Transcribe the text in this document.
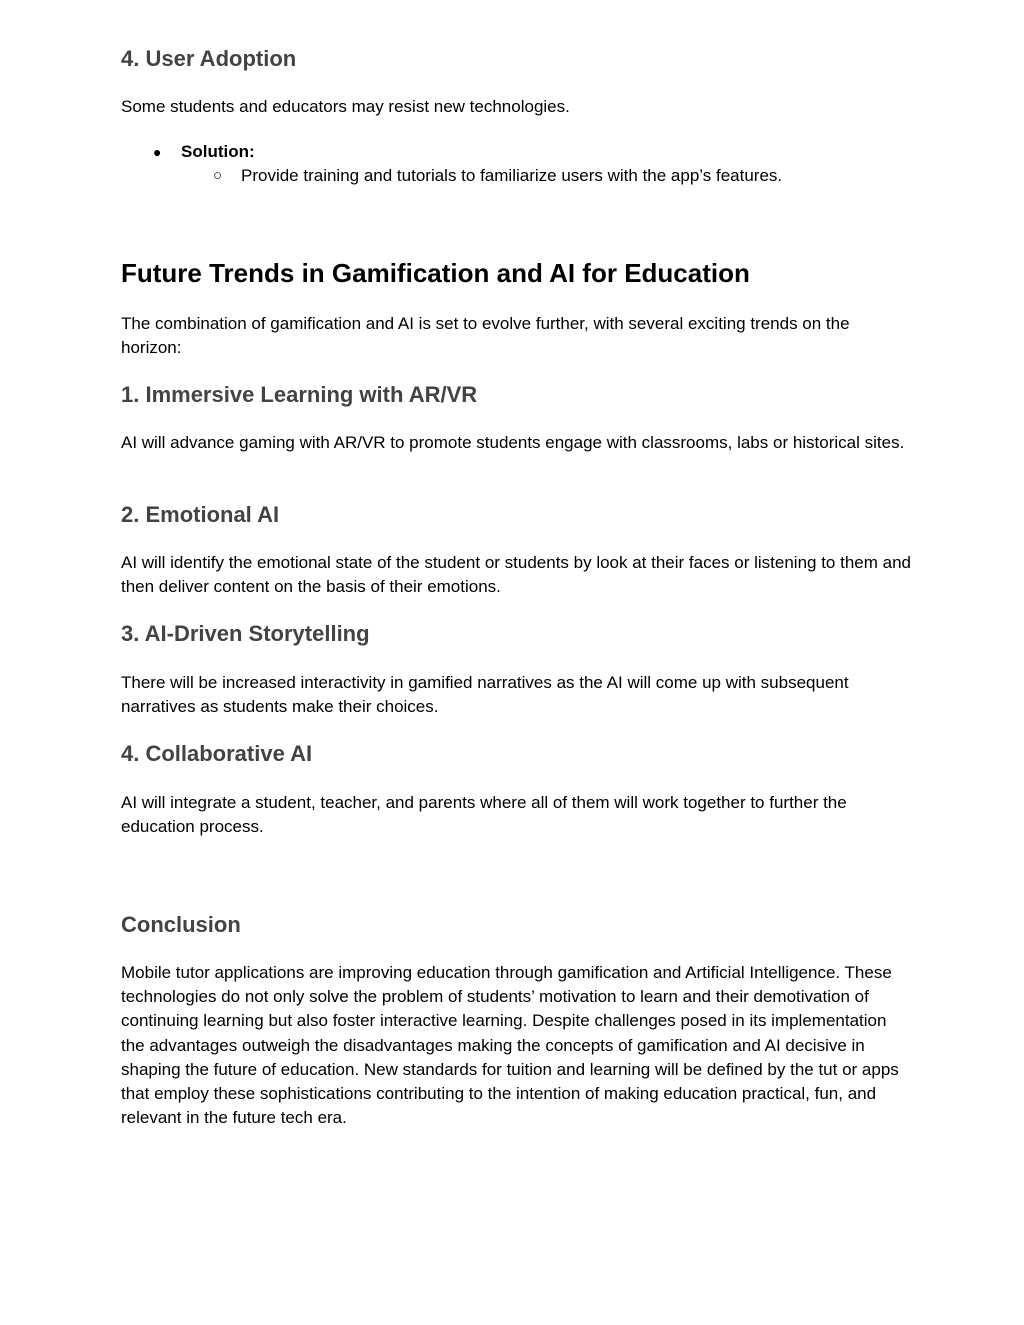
4. User Adoption

Some students and educators may resist new technologies.

● Solution:
○ Provide training and tutorials to familiarize users with the app’s features.
Future Trends in Gamification and AI for Education

The combination of gamification and AI is set to evolve further, with several exciting trends on the horizon:

1. Immersive Learning with AR/VR

AI will advance gaming with AR/VR to promote students engage with classrooms, labs or historical sites.

2. Emotional AI

AI will identify the emotional state of the student or students by look at their faces or listening to them and then deliver content on the basis of their emotions.

3. AI-Driven Storytelling

There will be increased interactivity in gamified narratives as the AI will come up with subsequent narratives as students make their choices.

4. Collaborative AI

AI will integrate a student, teacher, and parents where all of them will work together to further the education process.

Conclusion

Mobile tutor applications are improving education through gamification and Artificial Intelligence. These technologies do not only solve the problem of students’ motivation to learn and their demotivation of continuing learning but also foster interactive learning. Despite challenges posed in its implementation the advantages outweigh the disadvantages making the concepts of gamification and AI decisive in shaping the future of education. New standards for tuition and learning will be defined by the tut or apps that employ these sophistications contributing to the intention of making education practical, fun, and relevant in the future tech era.
